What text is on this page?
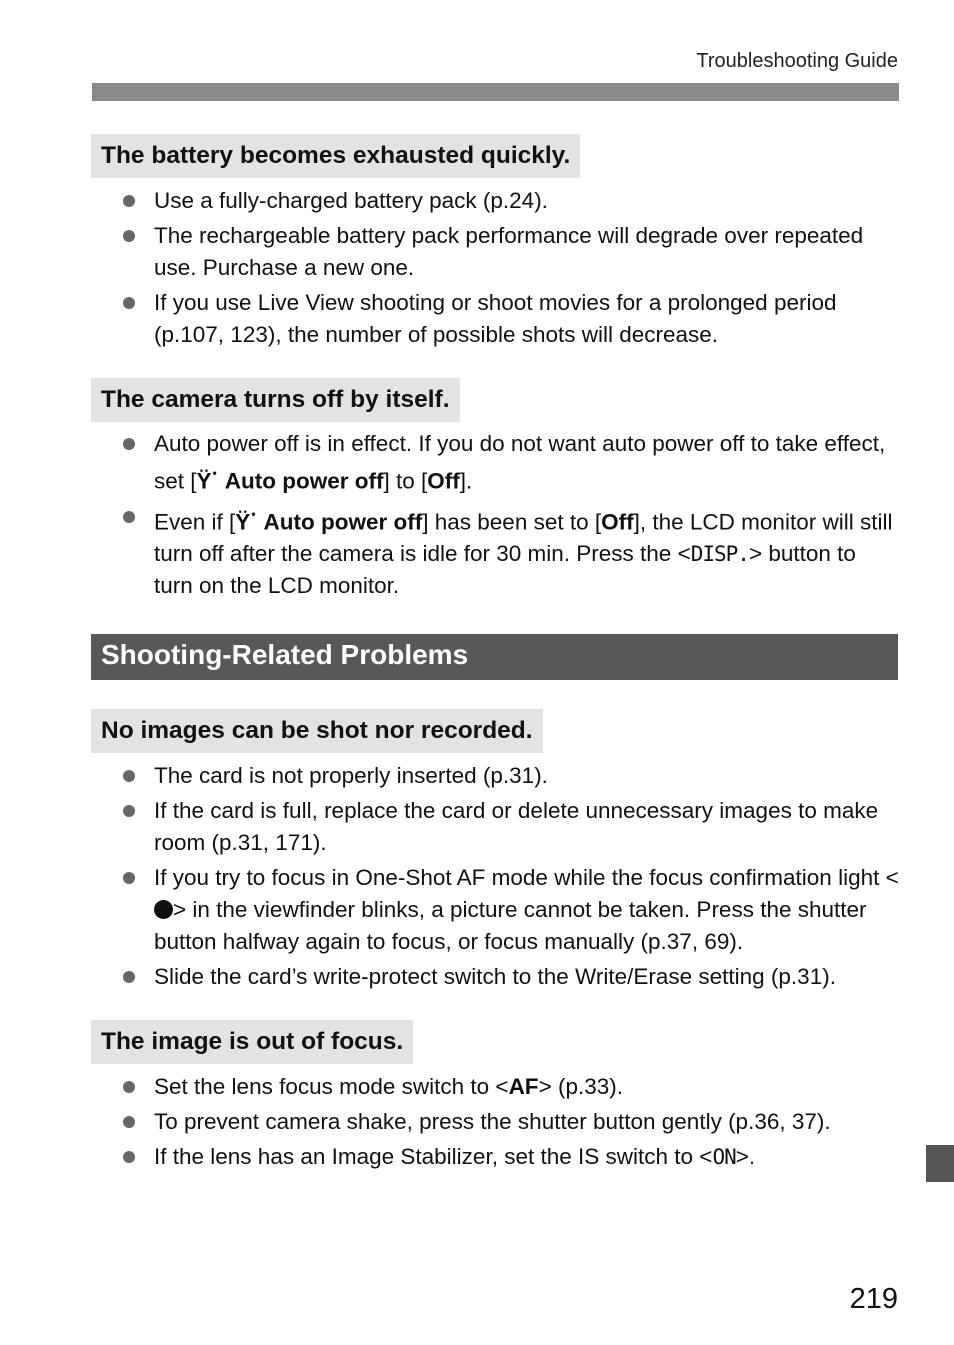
Troubleshooting Guide
The battery becomes exhausted quickly.
Use a fully-charged battery pack (p.24).
The rechargeable battery pack performance will degrade over repeated use. Purchase a new one.
If you use Live View shooting or shoot movies for a prolonged period (p.107, 123), the number of possible shots will decrease.
The camera turns off by itself.
Auto power off is in effect. If you do not want auto power off to take effect, set [Ÿ• Auto power off] to [Off].
Even if [Ÿ• Auto power off] has been set to [Off], the LCD monitor will still turn off after the camera is idle for 30 min. Press the <DISP.> button to turn on the LCD monitor.
Shooting-Related Problems
No images can be shot nor recorded.
The card is not properly inserted (p.31).
If the card is full, replace the card or delete unnecessary images to make room (p.31, 171).
If you try to focus in One-Shot AF mode while the focus confirmation light <> in the viewfinder blinks, a picture cannot be taken. Press the shutter button halfway again to focus, or focus manually (p.37, 69).
Slide the card’s write-protect switch to the Write/Erase setting (p.31).
The image is out of focus.
Set the lens focus mode switch to <AF> (p.33).
To prevent camera shake, press the shutter button gently (p.36, 37).
If the lens has an Image Stabilizer, set the IS switch to <ON>.
219
